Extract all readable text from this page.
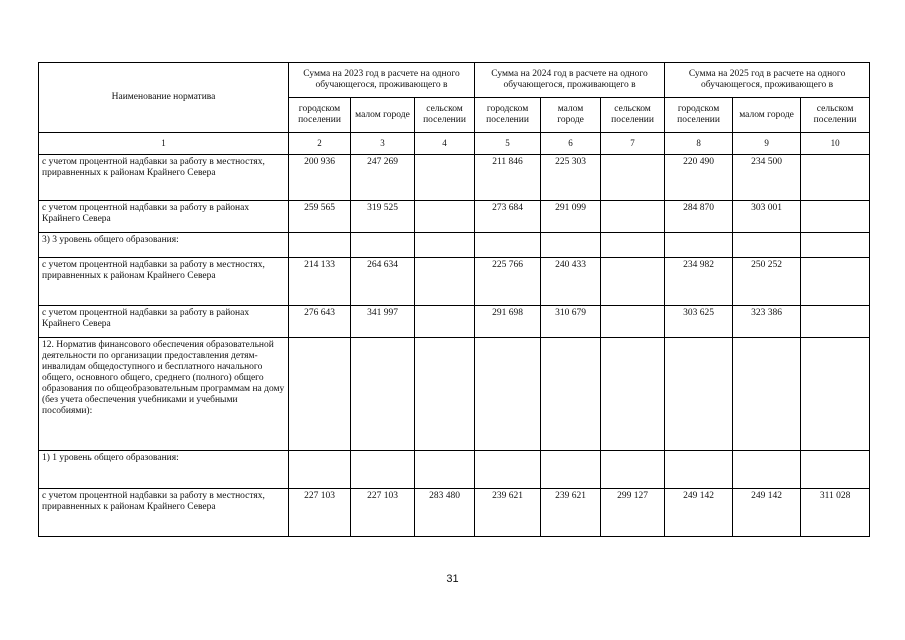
Наименование норматива	Сумма на 2023 год в расчете на одного обучающегося, проживающего в			Сумма на 2024 год в расчете на одного обучающегося, проживающего в			Сумма на 2025 год в расчете на одного обучающегося, проживающего в		
	городском поселении	малом городе	сельском поселении	городском поселении	малом городе	сельском поселении	городском поселении	малом городе	сельском поселении
1	2	3	4	5	6	7	8	9	10
с учетом процентной надбавки за работу в местностях, приравненных к районам Крайнего Севера	200 936	247 269		211 846	225 303		220 490	234 500	
с учетом процентной надбавки за работу в районах Крайнего Севера	259 565	319 525		273 684	291 099		284 870	303 001	
3) 3 уровень общего образования:									
с учетом процентной надбавки за работу в местностях, приравненных к районам Крайнего Севера	214 133	264 634		225 766	240 433		234 982	250 252	
с учетом процентной надбавки за работу в районах Крайнего Севера	276 643	341 997		291 698	310 679		303 625	323 386	
12. Норматив финансового обеспечения образовательной деятельности по организации предоставления детям-инвалидам общедоступного и бесплатного начального общего, основного общего, среднего (полного) общего образования по общеобразовательным программам на дому (без учета обеспечения учебниками и учебными пособиями):									
1) 1 уровень общего образования:									
с учетом процентной надбавки за работу в местностях, приравненных к районам Крайнего Севера	227 103	227 103	283 480	239 621	239 621	299 127	249 142	249 142	311 028
31
